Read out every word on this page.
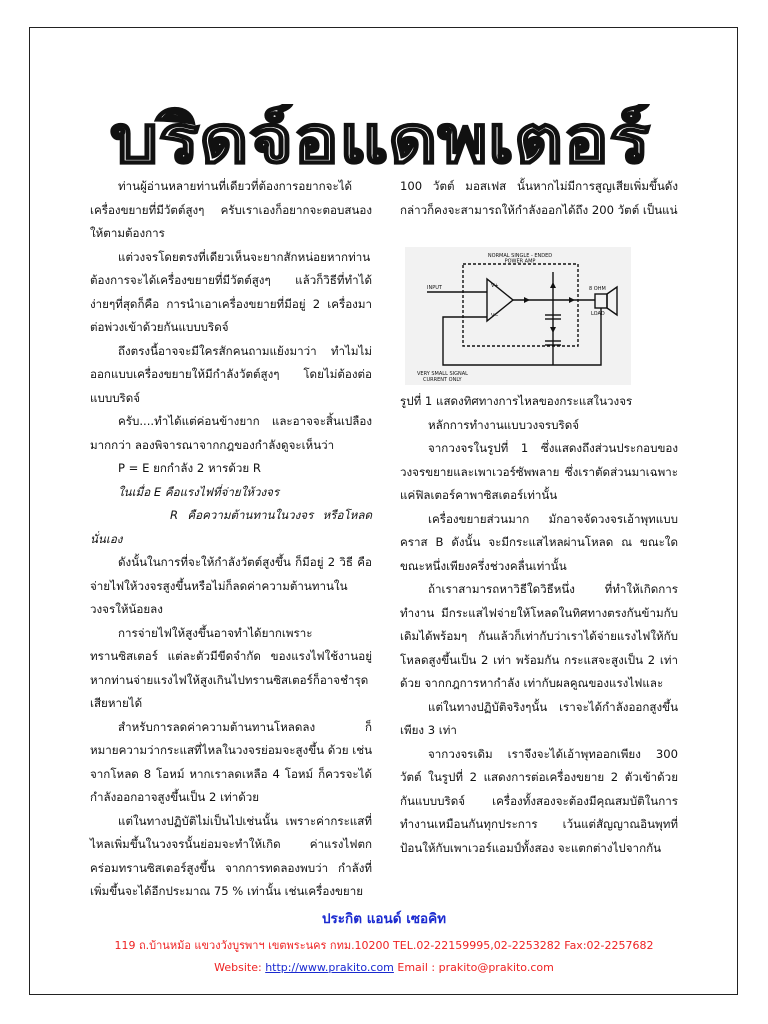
บริดจ์อแดพเตอร์

ท่านผู้อ่านหลายท่านที่เดียวที่ต้องการอยากจะได้เครื่องขยายที่มีวัตต์สูงๆ ครับเราเองก็อยากจะตอบสนองให้ตามต้องการ

แต่วงจรโดยตรงที่เดียวเห็นจะยากสักหน่อยหากท่านต้องการจะได้เครื่องขยายที่มีวัตต์สูงๆ แล้วก็วิธีที่ทำได้ง่ายๆที่สุดก็คือ การนำเอาเครื่องขยายที่มีอยู่ 2 เครื่องมาต่อพ่วงเข้าด้วยกันแบบบริดจ์

ถึงตรงนี้อาจจะมีใครสักคนถามแย้งมาว่า ทำไมไม่ออกแบบเครื่องขยายให้มีกำลังวัตต์สูงๆ โดยไม่ต้องต่อแบบบริดจ์

ครับ....ทำได้แต่ค่อนข้างยาก และอาจจะสิ้นเปลืองมากกว่า ลองพิจารณาจากกฎของกำลังดูจะเห็นว่า

P = E ยกกำลัง 2 หารด้วย R

ในเมื่อ E คือแรงไฟที่จ่ายให้วงจร

R คือความต้านทานในวงจร หรือโหลด นั่นเอง

ดังนั้นในการที่จะให้กำลังวัตต์สูงขึ้น ก็มีอยู่ 2 วิธี คือ จ่ายไฟให้วงจรสูงขึ้นหรือไม่ก็ลดค่าความต้านทานในวงจรให้น้อยลง

การจ่ายไฟให้สูงขึ้นอาจทำได้ยากเพราะ ทรานซิสเตอร์ แต่ละตัวมีขีดจำกัด ของแรงไฟใช้งานอยู่ หากท่านจ่ายแรงไฟให้สูงเกินไปทรานซิสเตอร์ก็อาจชำรุดเสียหายได้

สำหรับการลดค่าความต้านทานโหลดลง ก็หมายความว่ากระแสที่ไหลในวงจรย่อมจะสูงขึ้น ด้วย เช่นจากโหลด 8 โอหม์ หากเราลดเหลือ 4 โอหม์ ก็ควรจะได้กำลังออกอาจสูงขึ้นเป็น 2 เท่าด้วย

แต่ในทางปฏิบัติไม่เป็นไปเช่นนั้น เพราะค่ากระแสที่ไหลเพิ่มขึ้นในวงจรนั้นย่อมจะทำให้เกิด ค่าแรงไฟตกคร่อมทรานซิสเตอร์สูงขึ้น จากการทดลองพบว่า กำลังที่เพิ่มขึ้นจะได้อีกประมาณ 75 % เท่านั้น เช่นเครื่องขยาย

100 วัตต์ มอสเฟส นั้นหากไม่มีการสูญเสียเพิ่มขึ้นดังกล่าวก็คงจะสามารถให้กำลังออกได้ถึง 200 วัตต์ เป็นแน่

NORMAL SINGLE - ENDED
POWER AMP
INPUT	V+
V−
8 OHM
LOAD
VERY SMALL SIGNAL
CURRENT ONLY

รูปที่ 1 แสดงทิศทางการไหลของกระแสในวงจร

หลักการทำงานแบบวงจรบริดจ์

จากวงจรในรูปที่ 1 ซึ่งแสดงถึงส่วนประกอบของวงจรขยายและเพาเวอร์ซัพพลาย ซึ่งเราตัดส่วนมาเฉพาะแค่ฟิลเตอร์คาพาซิสเตอร์เท่านั้น

เครื่องขยายส่วนมาก มักอาจจัดวงจรเอ้าพุทแบบคราส B ดังนั้น จะมีกระแสไหลผ่านโหลด ณ ขณะใดขณะหนึ่งเพียงครึ่งช่วงคลื่นเท่านั้น

ถ้าเราสามารถหาวิธีใดวิธีหนึ่ง ที่ทำให้เกิดการทำงาน มีกระแสไฟจ่ายให้โหลดในทิศทางตรงกันข้ามกับเดิมได้พร้อมๆ กันแล้วก็เท่ากับว่าเราได้จ่ายแรงไฟให้กับโหลดสูงขึ้นเป็น 2 เท่า พร้อมกัน กระแสจะสูงเป็น 2 เท่าด้วย จากกฎการหากำลัง เท่ากับผลคูณของแรงไฟและ

แต่ในทางปฏิบัติจริงๆนั้น เราจะได้กำลังออกสูงขึ้นเพียง 3 เท่า

จากวงจรเดิม เราจึงจะได้เอ้าพุทออกเพียง 300 วัตต์ ในรูปที่ 2 แสดงการต่อเครื่องขยาย 2 ตัวเข้าด้วยกันแบบบริดจ์ เครื่องทั้งสองจะต้องมีคุณสมบัติในการทำงานเหมือนกันทุกประการ เว้นแต่สัญญาณอินพุทที่ป้อนให้กับเพาเวอร์แอมป์ทั้งสอง จะแตกต่างไปจากกัน

ประกิต แอนด์ เซอคิท
119 ถ.บ้านหม้อ แขวงวังบูรพาฯ เขตพระนคร กทม.10200 TEL.02-22159995,02-2253282 Fax:02-2257682
Website: http://www.prakito.com Email : prakito@prakito.com
